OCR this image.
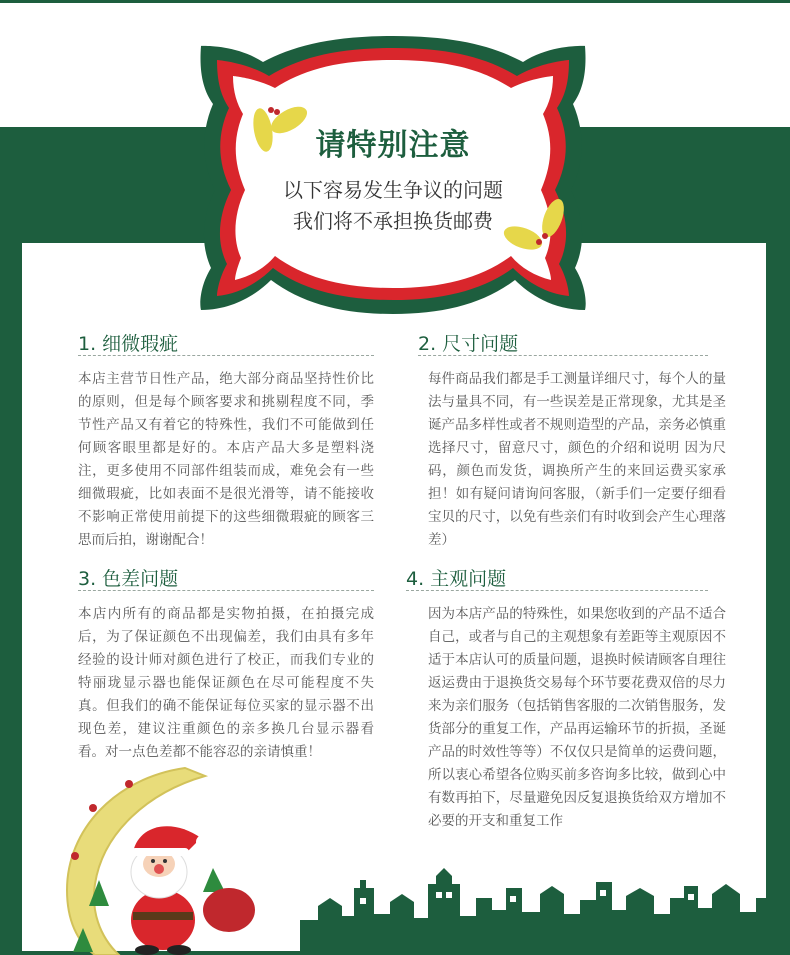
请特别注意
以下容易发生争议的问题
我们将不承担换货邮费
1. 细微瑕疵
本店主营节日性产品，绝大部分商品坚持性价比的原则，但是每个顾客要求和挑剔程度不同，季节性产品又有着它的特殊性，我们不可能做到任何顾客眼里都是好的。本店产品大多是塑料浇注，更多使用不同部件组装而成，难免会有一些细微瑕疵，比如表面不是很光滑等，请不能接收不影响正常使用前提下的这些细微瑕疵的顾客三思而后拍，谢谢配合！
2. 尺寸问题
每件商品我们都是手工测量详细尺寸，每个人的量法与量具不同，有一些误差是正常现象，尤其是圣诞产品多样性或者不规则造型的产品，亲务必慎重选择尺寸，留意尺寸，颜色的介绍和说明 因为尺码，颜色而发货，调换所产生的来回运费买家承担！如有疑问请询问客服，（新手们一定要仔细看宝贝的尺寸，以免有些亲们有时收到会产生心理落差）
3. 色差问题
本店内所有的商品都是实物拍摄，在拍摄完成后，为了保证颜色不出现偏差，我们由具有多年经验的设计师对颜色进行了校正，而我们专业的特丽珑显示器也能保证颜色在尽可能程度不失真。但我们的确不能保证每位买家的显示器不出现色差，建议注重颜色的亲多换几台显示器看看。对一点色差都不能容忍的亲请慎重！
4. 主观问题
因为本店产品的特殊性，如果您收到的产品不适合自己，或者与自己的主观想象有差距等主观原因不适于本店认可的质量问题，退换时候请顾客自理往返运费由于退换货交易每个环节要花费双倍的尽力来为亲们服务（包括销售客服的二次销售服务，发货部分的重复工作，产品再运输环节的折损，圣诞产品的时效性等等）不仅仅只是简单的运费问题，所以衷心希望各位购买前多咨询多比较，做到心中有数再拍下，尽量避免因反复退换货给双方增加不必要的开支和重复工作
